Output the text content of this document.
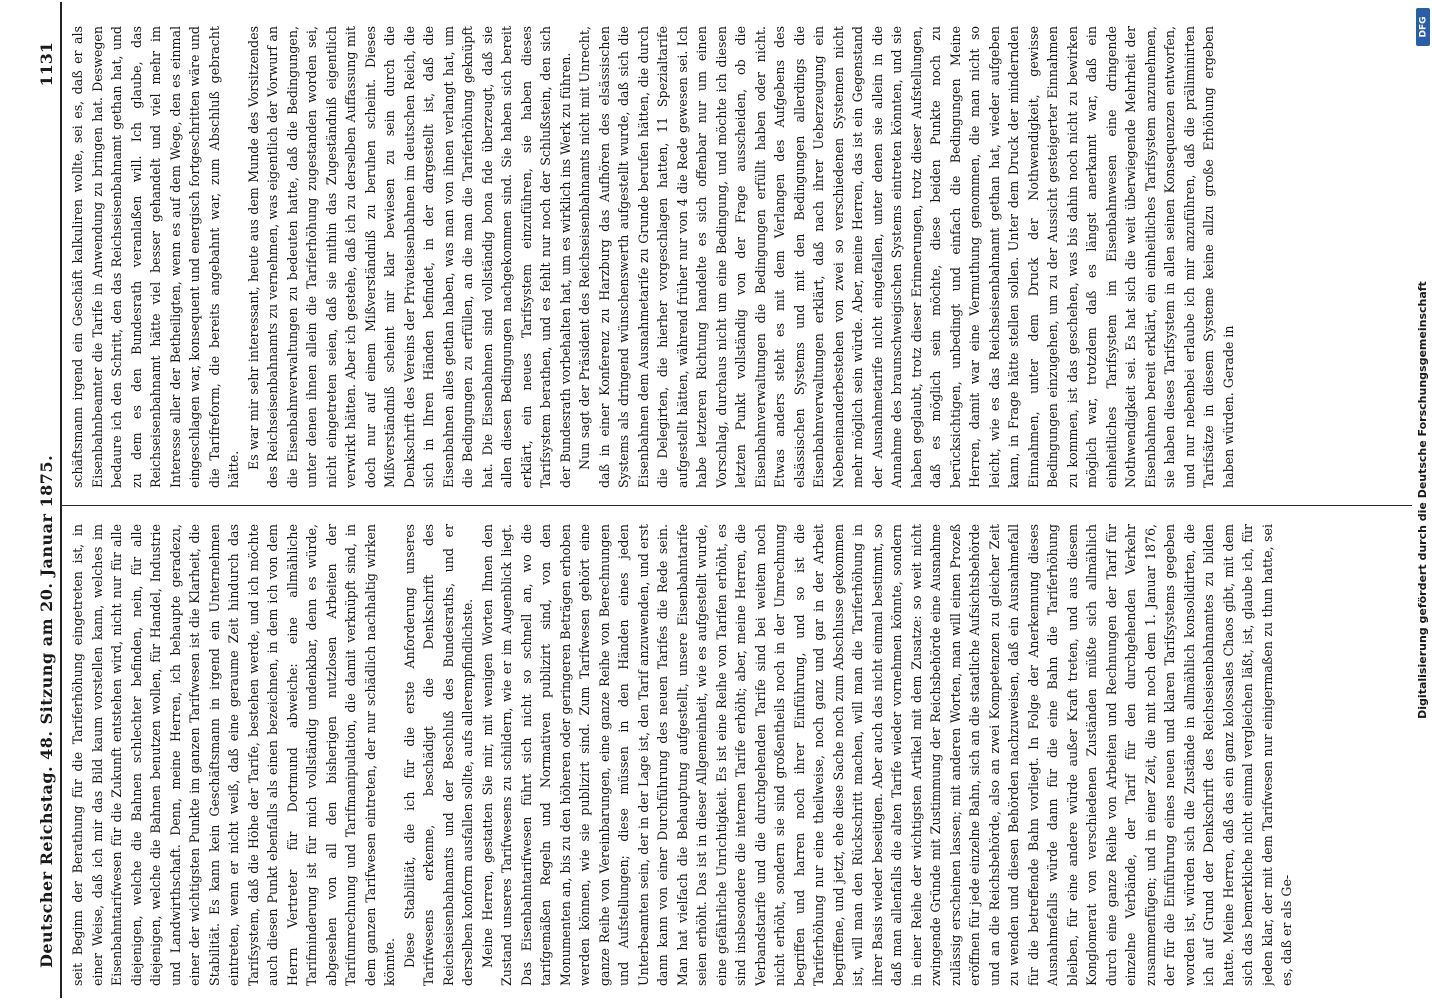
Deutscher Reichstag. 48. Sitzung am 20. Januar 1875.
1131

seit Beginn der Berathung für die Tariferhöhung eingetreten ist, in einer Weise, daß ich mir das Bild kaum vorstellen kann, welches im Eisenbahntarifwesen für die Zukunft entstehen wird, nicht nur für alle diejenigen, welche die Bahnen schlechter befinden, nein, für alle diejenigen, welche die Bahnen benutzen wollen, für Handel, Industrie und Landwirthschaft. Denn, meine Herren, ich behaupte geradezu, einer der wichtigsten Punkte im ganzen Tarifwesen ist die Klarheit, die Stabilität. Es kann kein Geschäftsmann in irgend ein Unternehmen eintreten, wenn er nicht weiß, daß eine geraume Zeit hindurch das Tarifsystem, daß die Höhe der Tarife, bestehen werde, und ich möchte auch diesen Punkt ebenfalls als einen bezeichnen, in dem ich von dem Herrn Vertreter für Dortmund abweiche: eine allmähliche Tarifminderung ist für mich vollständig undenkbar, denn es würde, abgesehen von all den bisherigen nutzlosen Arbeiten der Tarifumrechnung und Tarifmanipulation, die damit verknüpft sind, in dem ganzen Tarifwesen eintreten, der nur schädlich nachhaltig wirken könnte. Diese Stabilität, die ich für die erste Anforderung unseres Tarifwesens erkenne, beschädigt die Denkschrift des Reichseisenbahnamts und der Beschluß des Bundesraths, und er derselben konform ausfallen sollte, aufs allerempfindlichste. Meine Herren, gestatten Sie mir, mit wenigen Worten Ihnen den Zustand unseres Tarifwesens zu schildern, wie er im Augenblick liegt. Das Eisenbahntarifwesen führt sich nicht so schnell an, wo die tarifgemäßen Regeln und Normativen publizirt sind, von den Monumenten an, bis zu den höheren oder geringeren Beträgen erhoben werden können, wie sie publizirt sind. Zum Tarifwesen gehört eine ganze Reihe von Vereinbarungen, eine ganze Reihe von Berechnungen und Aufstellungen; diese müssen in den Händen eines jeden Unterbeamten sein, der in der Lage ist, den Tarif anzuwenden, und erst dann kann von einer Durchführung des neuen Tarifes die Rede sein. Man hat vielfach die Behauptung aufgestellt, unsere Eisenbahntarife seien erhöht. Das ist in dieser Allgemeinheit, wie es aufgestellt wurde, eine gefährliche Unrichtigkeit. Es ist eine Reihe von Tarifen erhöht, es sind insbesondere die internen Tarife erhöht; aber, meine Herren, die Verbandstarife und die durchgehenden Tarife sind bei weitem noch nicht erhöht, sondern sie sind großentheils noch in der Umrechnung begriffen und harren noch ihrer Einführung, und so ist die Tariferhöhung nur eine theilweise, noch ganz und gar in der Arbeit begriffene, und jetzt, ehe diese Sache noch zum Abschlusse gekommen ist, will man den Rückschritt machen, will man die Tariferhöhung in ihrer Basis wieder beseitigen. Aber auch das nicht einmal bestimmt, so daß man allenfalls die alten Tarife wieder vornehmen könnte, sondern in einer Reihe der wichtigsten Artikel mit dem Zusatze: so weit nicht zwingende Gründe mit Zustimmung der Reichsbehörde eine Ausnahme zulässig erscheinen lassen; mit anderen Worten, man will einen Prozeß eröffnen für jede einzelne Bahn, sich an die staatliche Aufsichtsbehörde und an die Reichsbehörde, also an zwei Kompetenzen zu gleicher Zeit zu wenden und diesen Behörden nachzuweisen, daß ein Ausnahmefall für die betreffende Bahn vorliegt. In Folge der Anerkennung dieses Ausnahmefalls würde dann für die eine Bahn die Tariferhöhung bleiben, für eine andere würde außer Kraft treten, und aus diesem Konglomerat von verschiedenen Zuständen müßte sich allmählich durch eine ganze Reihe von Arbeiten und Rechnungen der Tarif für einzelne Verbände, der Tarif für den durchgehenden Verkehr zusammenfügen; und in einer Zeit, die mit noch dem 1. Januar 1876, der für die Einführung eines neuen und klaren Tarifsystems gegeben worden ist, würden sich die Zustände in allmählich konsolidirten, die ich auf Grund der Denkschrift des Reichseisenbahnamtes zu bilden hatte. Meine Herren, daß das ein ganz kolossales Chaos gibt, mit dem sich das bemerkliche nicht einmal vergleichen läßt, ist, glaube ich, für jeden klar, der mit dem Tarifwesen nur einigermaßen zu thun hatte, sei es, daß er als Ge-

schäftsmann irgend ein Geschäft kalkuliren wollte, sei es, daß er als Eisenbahnbeamter die Tarife in Anwendung zu bringen hat. Deswegen bedaure ich den Schritt, den das Reichseisenbahnamt gethan hat, und zu dem es den Bundesrath veranlaßen will. Ich glaube, das Reichseisenbahnamt hätte viel besser gehandelt und viel mehr im Interesse aller der Betheiligten, wenn es auf dem Wege, den es einmal eingeschlagen war, konsequent und energisch fortgeschritten wäre und die Tarifreform, die bereits angebahnt war, zum Abschluß gebracht hätte. Es war mir sehr interessant, heute aus dem Munde des Vorsitzendes des Reichseisenbahnamts zu vernehmen, was eigentlich der Vorwurf an die Eisenbahnverwaltungen zu bedeuten hatte, daß die Bedingungen, unter denen ihnen allein die Tariferhöhung zugestanden worden sei, nicht eingetreten seien, daß sie mithin das Zugeständniß eigentlich verwirkt hätten. Aber ich gestehe, daß ich zu derselben Auffassung mit doch nur auf einem Mißverständniß zu beruhen scheint. Dieses Mißverständniß scheint mir klar bewiesen zu sein durch die Denkschrift des Vereins der Privateisenbahnen im deutschen Reich, die sich in Ihren Händen befindet, in der dargestellt ist, daß die Eisenbahnen alles gethan haben, was man von ihnen verlangt hat, um die Bedingungen zu erfüllen, an die man die Tariferhöhung geknüpft hat. Die Eisenbahnen sind vollständig bona fide überzeugt, daß sie allen diesen Bedingungen nachgekommen sind. Sie haben sich bereit erklärt, ein neues Tarifsystem einzuführen, sie haben dieses Tarifsystem berathen, und es fehlt nur noch der Schlußstein, den sich der Bundesrath vorbehalten hat, um es wirklich ins Werk zu führen. Nun sagt der Präsident des Reichseisenbahnamts nicht mit Unrecht, daß in einer Konferenz zu Harzburg das Aufhören des elsässischen Systems als dringend wünschenswerth aufgestellt wurde, daß sich die Eisenbahnen dem Ausnahmetarife zu Grunde berufen hätten, die durch die Delegirten, die hierher vorgeschlagen hatten, 11 Spezialtarife aufgestellt hätten, während früher nur von 4 die Rede gewesen sei. Ich habe letzteren Richtung handelte es sich offenbar nur um einen Vorschlag, durchaus nicht um eine Bedingung, und möchte ich diesen letzten Punkt vollständig von der Frage ausscheiden, ob die Eisenbahnverwaltungen die Bedingungen erfüllt haben oder nicht. Etwas anders steht es mit dem Verlangen des Aufgebens des elsässischen Systems und mit den Bedingungen allerdings die Eisenbahnverwaltungen erklärt, daß nach ihrer Ueberzeugung ein Nebeneinanderbestehen von zwei so verschiedenen Systemen nicht mehr möglich sein würde. Aber, meine Herren, das ist ein Gegenstand der Ausnahmetarife nicht eingefallen, unter denen sie allein in die Annahme des braunschweigischen Systems eintreten könnten, und sie haben geglaubt, trotz dieser Erinnerungen, trotz dieser Aufstellungen, daß es möglich sein möchte, diese beiden Punkte noch zu berücksichtigen, unbedingt und einfach die Bedingungen Meine Herren, damit war eine Vermuthung genommen, die man nicht so leicht, wie es das Reichseisenbahnamt gethan hat, wieder aufgeben kann, in Frage hätte stellen sollen. Unter dem Druck der mindernden Einnahmen, unter dem Druck der Nothwendigkeit, gewisse Bedingungen einzugehen, um zu der Aussicht gesteigerter Einnahmen zu kommen, ist das geschehen, was bis dahin noch nicht zu bewirken möglich war, trotzdem daß es längst anerkannt war, daß ein einheitliches Tarifsystem im Eisenbahnwesen eine dringende Nothwendigkeit sei. Es hat sich die weit überwiegende Mehrheit der Eisenbahnen bereit erklärt, ein einheitliches Tarifsystem anzunehmen, sie haben dieses Tarifsystem in allen seinen Konsequenzen entworfen, und nur nebenbei erlaube ich mir anzuführen, daß die präliminirten Tarifsätze in diesem Systeme keine allzu große Erhöhung ergeben haben würden. Gerade in	Digitalisierung gefördert durch die Deutsche Forschungsgemeinschaft
DFG
